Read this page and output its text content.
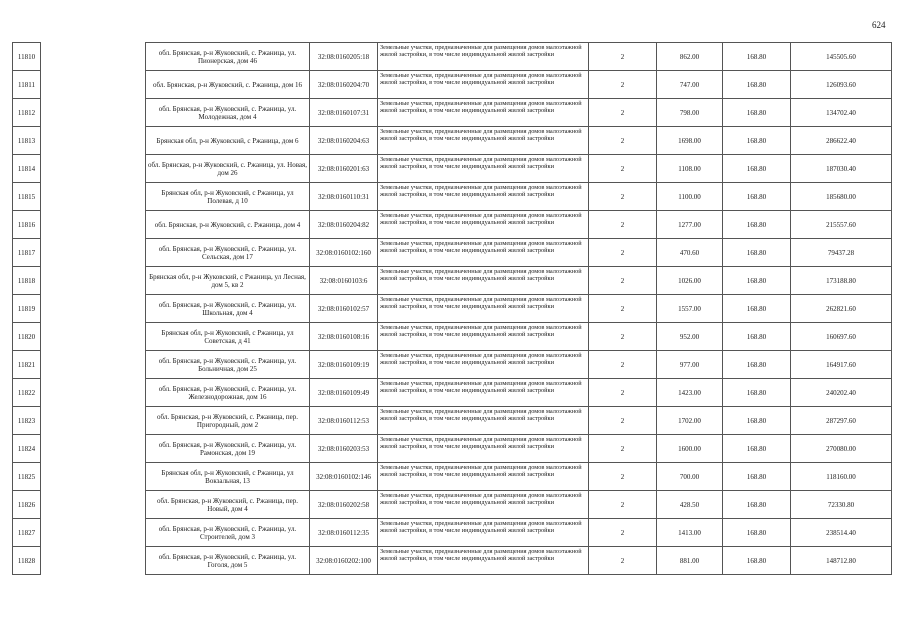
624
11810		обл. Брянская, р-н Жуковский, с. Ржаница, ул. Пионерская, дом 46	32:08:0160205:18	Земельные участки, предназначенные для размещения домов малоэтажной жилой застройки, в том числе индивидуальной жилой застройки	2	862.00	168.80	145505.60
11811		обл. Брянская, р-н Жуковский, с. Ржаница, дом 16	32:08:0160204:70	Земельные участки, предназначенные для размещения домов малоэтажной жилой застройки, в том числе индивидуальной жилой застройки	2	747.00	168.80	126093.60
11812		обл. Брянская, р-н Жуковский, с. Ржаница, ул. Молодежная, дом 4	32:08:0160107:31	Земельные участки, предназначенные для размещения домов малоэтажной жилой застройки, в том числе индивидуальной жилой застройки	2	798.00	168.80	134702.40
11813		Брянская обл, р-н Жуковский, с Ржаница, дом 6	32:08:0160204:63	Земельные участки, предназначенные для размещения домов малоэтажной жилой застройки, в том числе индивидуальной жилой застройки	2	1698.00	168.80	286622.40
11814		обл. Брянская, р-н Жуковский, с. Ржаница, ул. Новая, дом 26	32:08:0160201:63	Земельные участки, предназначенные для размещения домов малоэтажной жилой застройки, в том числе индивидуальной жилой застройки	2	1108.00	168.80	187030.40
11815		Брянская обл, р-н Жуковский, с Ржаница, ул Полевая, д 10	32:08:0160110:31	Земельные участки, предназначенные для размещения домов малоэтажной жилой застройки, в том числе индивидуальной жилой застройки	2	1100.00	168.80	185680.00
11816		обл. Брянская, р-н Жуковский, с. Ржаница, дом 4	32:08:0160204:82	Земельные участки, предназначенные для размещения домов малоэтажной жилой застройки, в том числе индивидуальной жилой застройки	2	1277.00	168.80	215557.60
11817		обл. Брянская, р-н Жуковский, с. Ржаница, ул. Сельская, дом 17	32:08:0160102:160	Земельные участки, предназначенные для размещения домов малоэтажной жилой застройки, в том числе индивидуальной жилой застройки	2	470.60	168.80	79437.28
11818		Брянская обл, р-н Жуковский, с Ржаница, ул Лесная, дом 5, кв 2	32:08:0160103:6	Земельные участки, предназначенные для размещения домов малоэтажной жилой застройки, в том числе индивидуальной жилой застройки	2	1026.00	168.80	173188.80
11819		обл. Брянская, р-н Жуковский, с. Ржаница, ул. Школьная, дом 4	32:08:0160102:57	Земельные участки, предназначенные для размещения домов малоэтажной жилой застройки, в том числе индивидуальной жилой застройки	2	1557.00	168.80	262821.60
11820		Брянская обл, р-н Жуковский, с Ржаница, ул Советская, д 41	32:08:0160108:16	Земельные участки, предназначенные для размещения домов малоэтажной жилой застройки, в том числе индивидуальной жилой застройки	2	952.00	168.80	160697.60
11821		обл. Брянская, р-н Жуковский, с. Ржаница, ул. Больничная, дом 25	32:08:0160109:19	Земельные участки, предназначенные для размещения домов малоэтажной жилой застройки, в том числе индивидуальной жилой застройки	2	977.00	168.80	164917.60
11822		обл. Брянская, р-н Жуковский, с. Ржаница, ул. Железнодорожная, дом 16	32:08:0160109:49	Земельные участки, предназначенные для размещения домов малоэтажной жилой застройки, в том числе индивидуальной жилой застройки	2	1423.00	168.80	240202.40
11823		обл. Брянская, р-н Жуковский, с. Ржаница, пер. Пригородный, дом 2	32:08:0160112:53	Земельные участки, предназначенные для размещения домов малоэтажной жилой застройки, в том числе индивидуальной жилой застройки	2	1702.00	168.80	287297.60
11824		обл. Брянская, р-н Жуковский, с. Ржаница, ул. Рамонская, дом 19	32:08:0160203:53	Земельные участки, предназначенные для размещения домов малоэтажной жилой застройки, в том числе индивидуальной жилой застройки	2	1600.00	168.80	270080.00
11825		Брянская обл, р-н Жуковский, с Ржаница, ул Вокзальная, 13	32:08:0160102:146	Земельные участки, предназначенные для размещения домов малоэтажной жилой застройки, в том числе индивидуальной жилой застройки	2	700.00	168.80	118160.00
11826		обл. Брянская, р-н Жуковский, с. Ржаница, пер. Новый, дом 4	32:08:0160202:58	Земельные участки, предназначенные для размещения домов малоэтажной жилой застройки, в том числе индивидуальной жилой застройки	2	428.50	168.80	72330.80
11827		обл. Брянская, р-н Жуковский, с. Ржаница, ул. Строителей, дом 3	32:08:0160112:35	Земельные участки, предназначенные для размещения домов малоэтажной жилой застройки, в том числе индивидуальной жилой застройки	2	1413.00	168.80	238514.40
11828		обл. Брянская, р-н Жуковский, с. Ржаница, ул. Гоголя, дом 5	32:08:0160202:100	Земельные участки, предназначенные для размещения домов малоэтажной жилой застройки, в том числе индивидуальной жилой застройки	2	881.00	168.80	148712.80
